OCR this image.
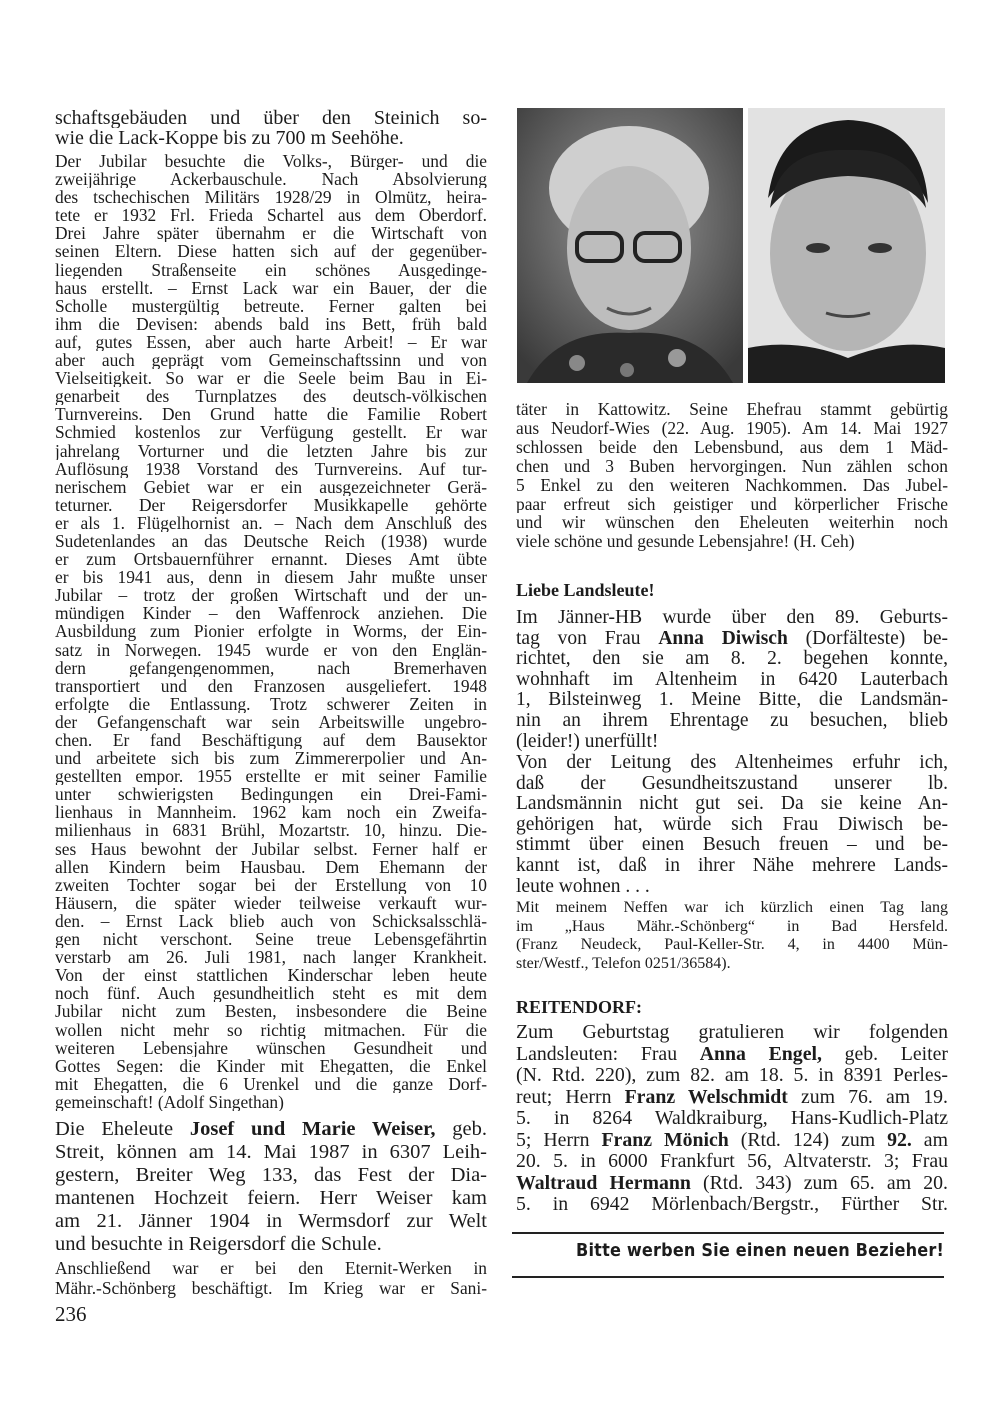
schaftsgebäuden und über den Steinich so-
wie die Lack-Koppe bis zu 700 m Seehöhe.
Der Jubilar besuchte die Volks-, Bürger- und die
zweijährige Ackerbauschule. Nach Absolvierung
des tschechischen Militärs 1928/29 in Olmütz, heira-
tete er 1932 Frl. Frieda Schartel aus dem Oberdorf.
Drei Jahre später übernahm er die Wirtschaft von
seinen Eltern. Diese hatten sich auf der gegenüber-
liegenden Straßenseite ein schönes Ausgedinge-
haus erstellt. – Ernst Lack war ein Bauer, der die
Scholle mustergültig betreute. Ferner galten bei
ihm die Devisen: abends bald ins Bett, früh bald
auf, gutes Essen, aber auch harte Arbeit! – Er war
aber auch geprägt vom Gemeinschaftssinn und von
Vielseitigkeit. So war er die Seele beim Bau in Ei-
genarbeit des Turnplatzes des deutsch-völkischen
Turnvereins. Den Grund hatte die Familie Robert
Schmied kostenlos zur Verfügung gestellt. Er war
jahrelang Vorturner und die letzten Jahre bis zur
Auflösung 1938 Vorstand des Turnvereins. Auf tur-
nerischem Gebiet war er ein ausgezeichneter Gerä-
teturner. Der Reigersdorfer Musikkapelle gehörte
er als 1. Flügelhornist an. – Nach dem Anschluß des
Sudetenlandes an das Deutsche Reich (1938) wurde
er zum Ortsbauernführer ernannt. Dieses Amt übte
er bis 1941 aus, denn in diesem Jahr mußte unser
Jubilar – trotz der großen Wirtschaft und der un-
mündigen Kinder – den Waffenrock anziehen. Die
Ausbildung zum Pionier erfolgte in Worms, der Ein-
satz in Norwegen. 1945 wurde er von den Englän-
dern gefangengenommen, nach Bremerhaven
transportiert und den Franzosen ausgeliefert. 1948
erfolgte die Entlassung. Trotz schwerer Zeiten in
der Gefangenschaft war sein Arbeitswille ungebro-
chen. Er fand Beschäftigung auf dem Bausektor
und arbeitete sich bis zum Zimmererpolier und An-
gestellten empor. 1955 erstellte er mit seiner Familie
unter schwierigsten Bedingungen ein Drei-Fami-
lienhaus in Mannheim. 1962 kam noch ein Zweifa-
milienhaus in 6831 Brühl, Mozartstr. 10, hinzu. Die-
ses Haus bewohnt der Jubilar selbst. Ferner half er
allen Kindern beim Hausbau. Dem Ehemann der
zweiten Tochter sogar bei der Erstellung von 10
Häusern, die später wieder teilweise verkauft wur-
den. – Ernst Lack blieb auch von Schicksalsschlä-
gen nicht verschont. Seine treue Lebensgefährtin
verstarb am 26. Juli 1981, nach langer Krankheit.
Von der einst stattlichen Kinderschar leben heute
noch fünf. Auch gesundheitlich steht es mit dem
Jubilar nicht zum Besten, insbesondere die Beine
wollen nicht mehr so richtig mitmachen. Für die
weiteren Lebensjahre wünschen Gesundheit und
Gottes Segen: die Kinder mit Ehegatten, die Enkel
mit Ehegatten, die 6 Urenkel und die ganze Dorf-
gemeinschaft! (Adolf Singethan)
Die Eheleute Josef und Marie Weiser, geb.
Streit, können am 14. Mai 1987 in 6307 Leih-
gestern, Breiter Weg 133, das Fest der Dia-
mantenen Hochzeit feiern. Herr Weiser kam
am 21. Jänner 1904 in Wermsdorf zur Welt
und besuchte in Reigersdorf die Schule.
Anschließend war er bei den Eternit-Werken in
Mähr.-Schönberg beschäftigt. Im Krieg war er Sani-
236
täter in Kattowitz. Seine Ehefrau stammt gebürtig
aus Neudorf-Wies (22. Aug. 1905). Am 14. Mai 1927
schlossen beide den Lebensbund, aus dem 1 Mäd-
chen und 3 Buben hervorgingen. Nun zählen schon
5 Enkel zu den weiteren Nachkommen. Das Jubel-
paar erfreut sich geistiger und körperlicher Frische
und wir wünschen den Eheleuten weiterhin noch
viele schöne und gesunde Lebensjahre! (H. Ceh)
Liebe Landsleute!
Im Jänner-HB wurde über den 89. Geburts-
tag von Frau Anna Diwisch (Dorfälteste) be-
richtet, den sie am 8. 2. begehen konnte,
wohnhaft im Altenheim in 6420 Lauterbach
1, Bilsteinweg 1. Meine Bitte, die Landsmän-
nin an ihrem Ehrentage zu besuchen, blieb
(leider!) unerfüllt!
Von der Leitung des Altenheimes erfuhr ich,
daß der Gesundheitszustand unserer lb.
Landsmännin nicht gut sei. Da sie keine An-
gehörigen hat, würde sich Frau Diwisch be-
stimmt über einen Besuch freuen – und be-
kannt ist, daß in ihrer Nähe mehrere Lands-
leute wohnen . . .
Mit meinem Neffen war ich kürzlich einen Tag lang
im „Haus Mähr.-Schönberg“ in Bad Hersfeld.
(Franz Neudeck, Paul-Keller-Str. 4, in 4400 Mün-
ster/Westf., Telefon 0251/36584).
REITENDORF:
Zum Geburtstag gratulieren wir folgenden
Landsleuten: Frau Anna Engel, geb. Leiter
(N. Rtd. 220), zum 82. am 18. 5. in 8391 Perles-
reut; Herrn Franz Welschmidt zum 76. am 19.
5. in 8264 Waldkraiburg, Hans-Kudlich-Platz
5; Herrn Franz Mönich (Rtd. 124) zum 92. am
20. 5. in 6000 Frankfurt 56, Altvaterstr. 3; Frau
Waltraud Hermann (Rtd. 343) zum 65. am 20.
5. in 6942 Mörlenbach/Bergstr., Fürther Str.
Bitte werben Sie einen neuen Bezieher!
